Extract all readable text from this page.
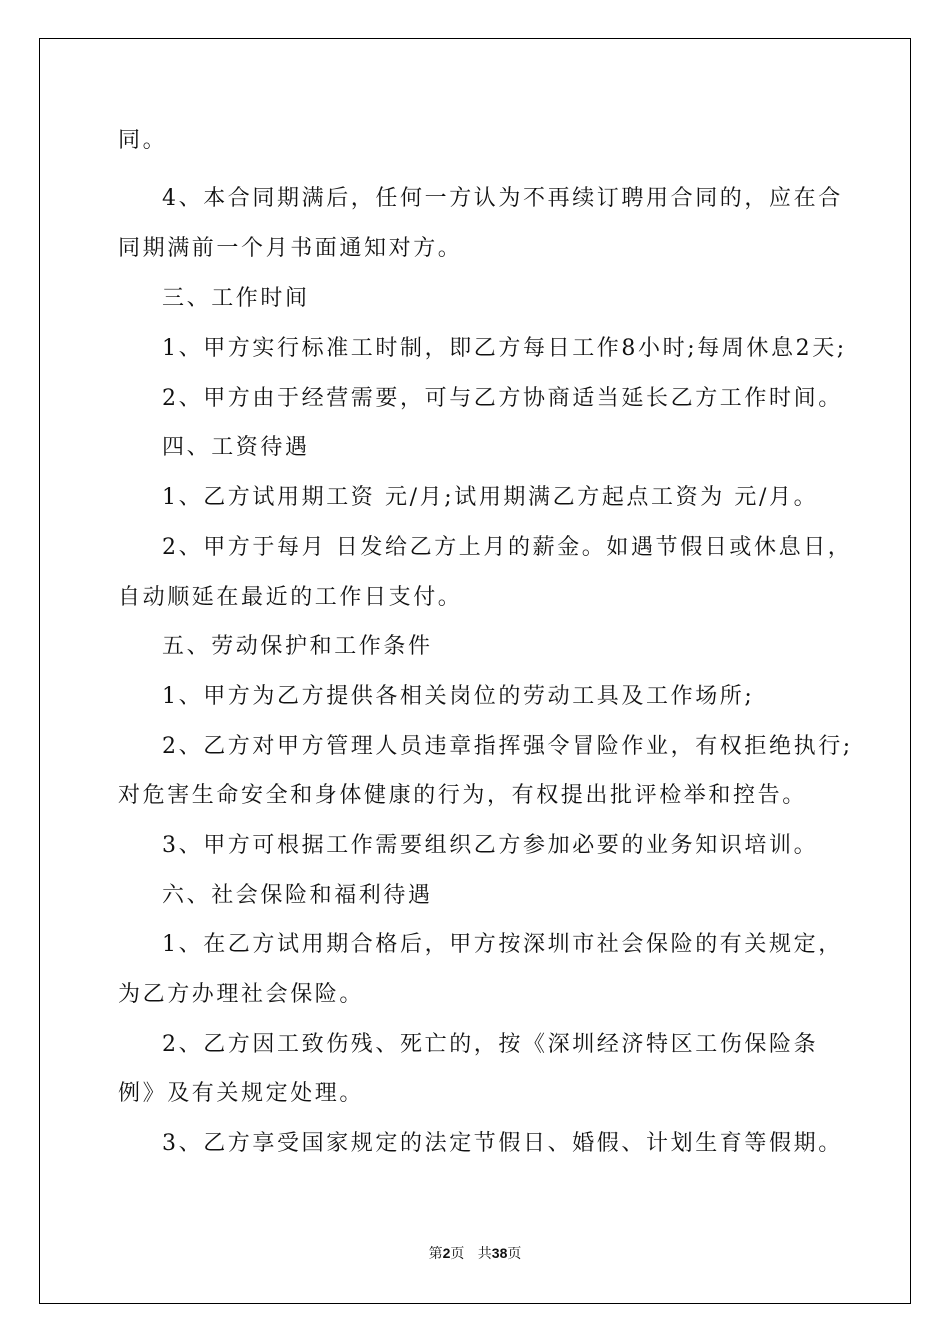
同。
4、本合同期满后，任何一方认为不再续订聘用合同的，应在合
同期满前一个月书面通知对方。
三、工作时间
1、甲方实行标准工时制，即乙方每日工作8小时;每周休息2天;
2、甲方由于经营需要，可与乙方协商适当延长乙方工作时间。
四、工资待遇
1、乙方试用期工资 元/月;试用期满乙方起点工资为 元/月。
2、甲方于每月 日发给乙方上月的薪金。如遇节假日或休息日，
自动顺延在最近的工作日支付。
五、劳动保护和工作条件
1、甲方为乙方提供各相关岗位的劳动工具及工作场所;
2、乙方对甲方管理人员违章指挥强令冒险作业，有权拒绝执行;
对危害生命安全和身体健康的行为，有权提出批评检举和控告。
3、甲方可根据工作需要组织乙方参加必要的业务知识培训。
六、社会保险和福利待遇
1、在乙方试用期合格后，甲方按深圳市社会保险的有关规定，
为乙方办理社会保险。
2、乙方因工致伤残、死亡的，按《深圳经济特区工伤保险条
例》及有关规定处理。
3、乙方享受国家规定的法定节假日、婚假、计划生育等假期。
第2页 共38页
